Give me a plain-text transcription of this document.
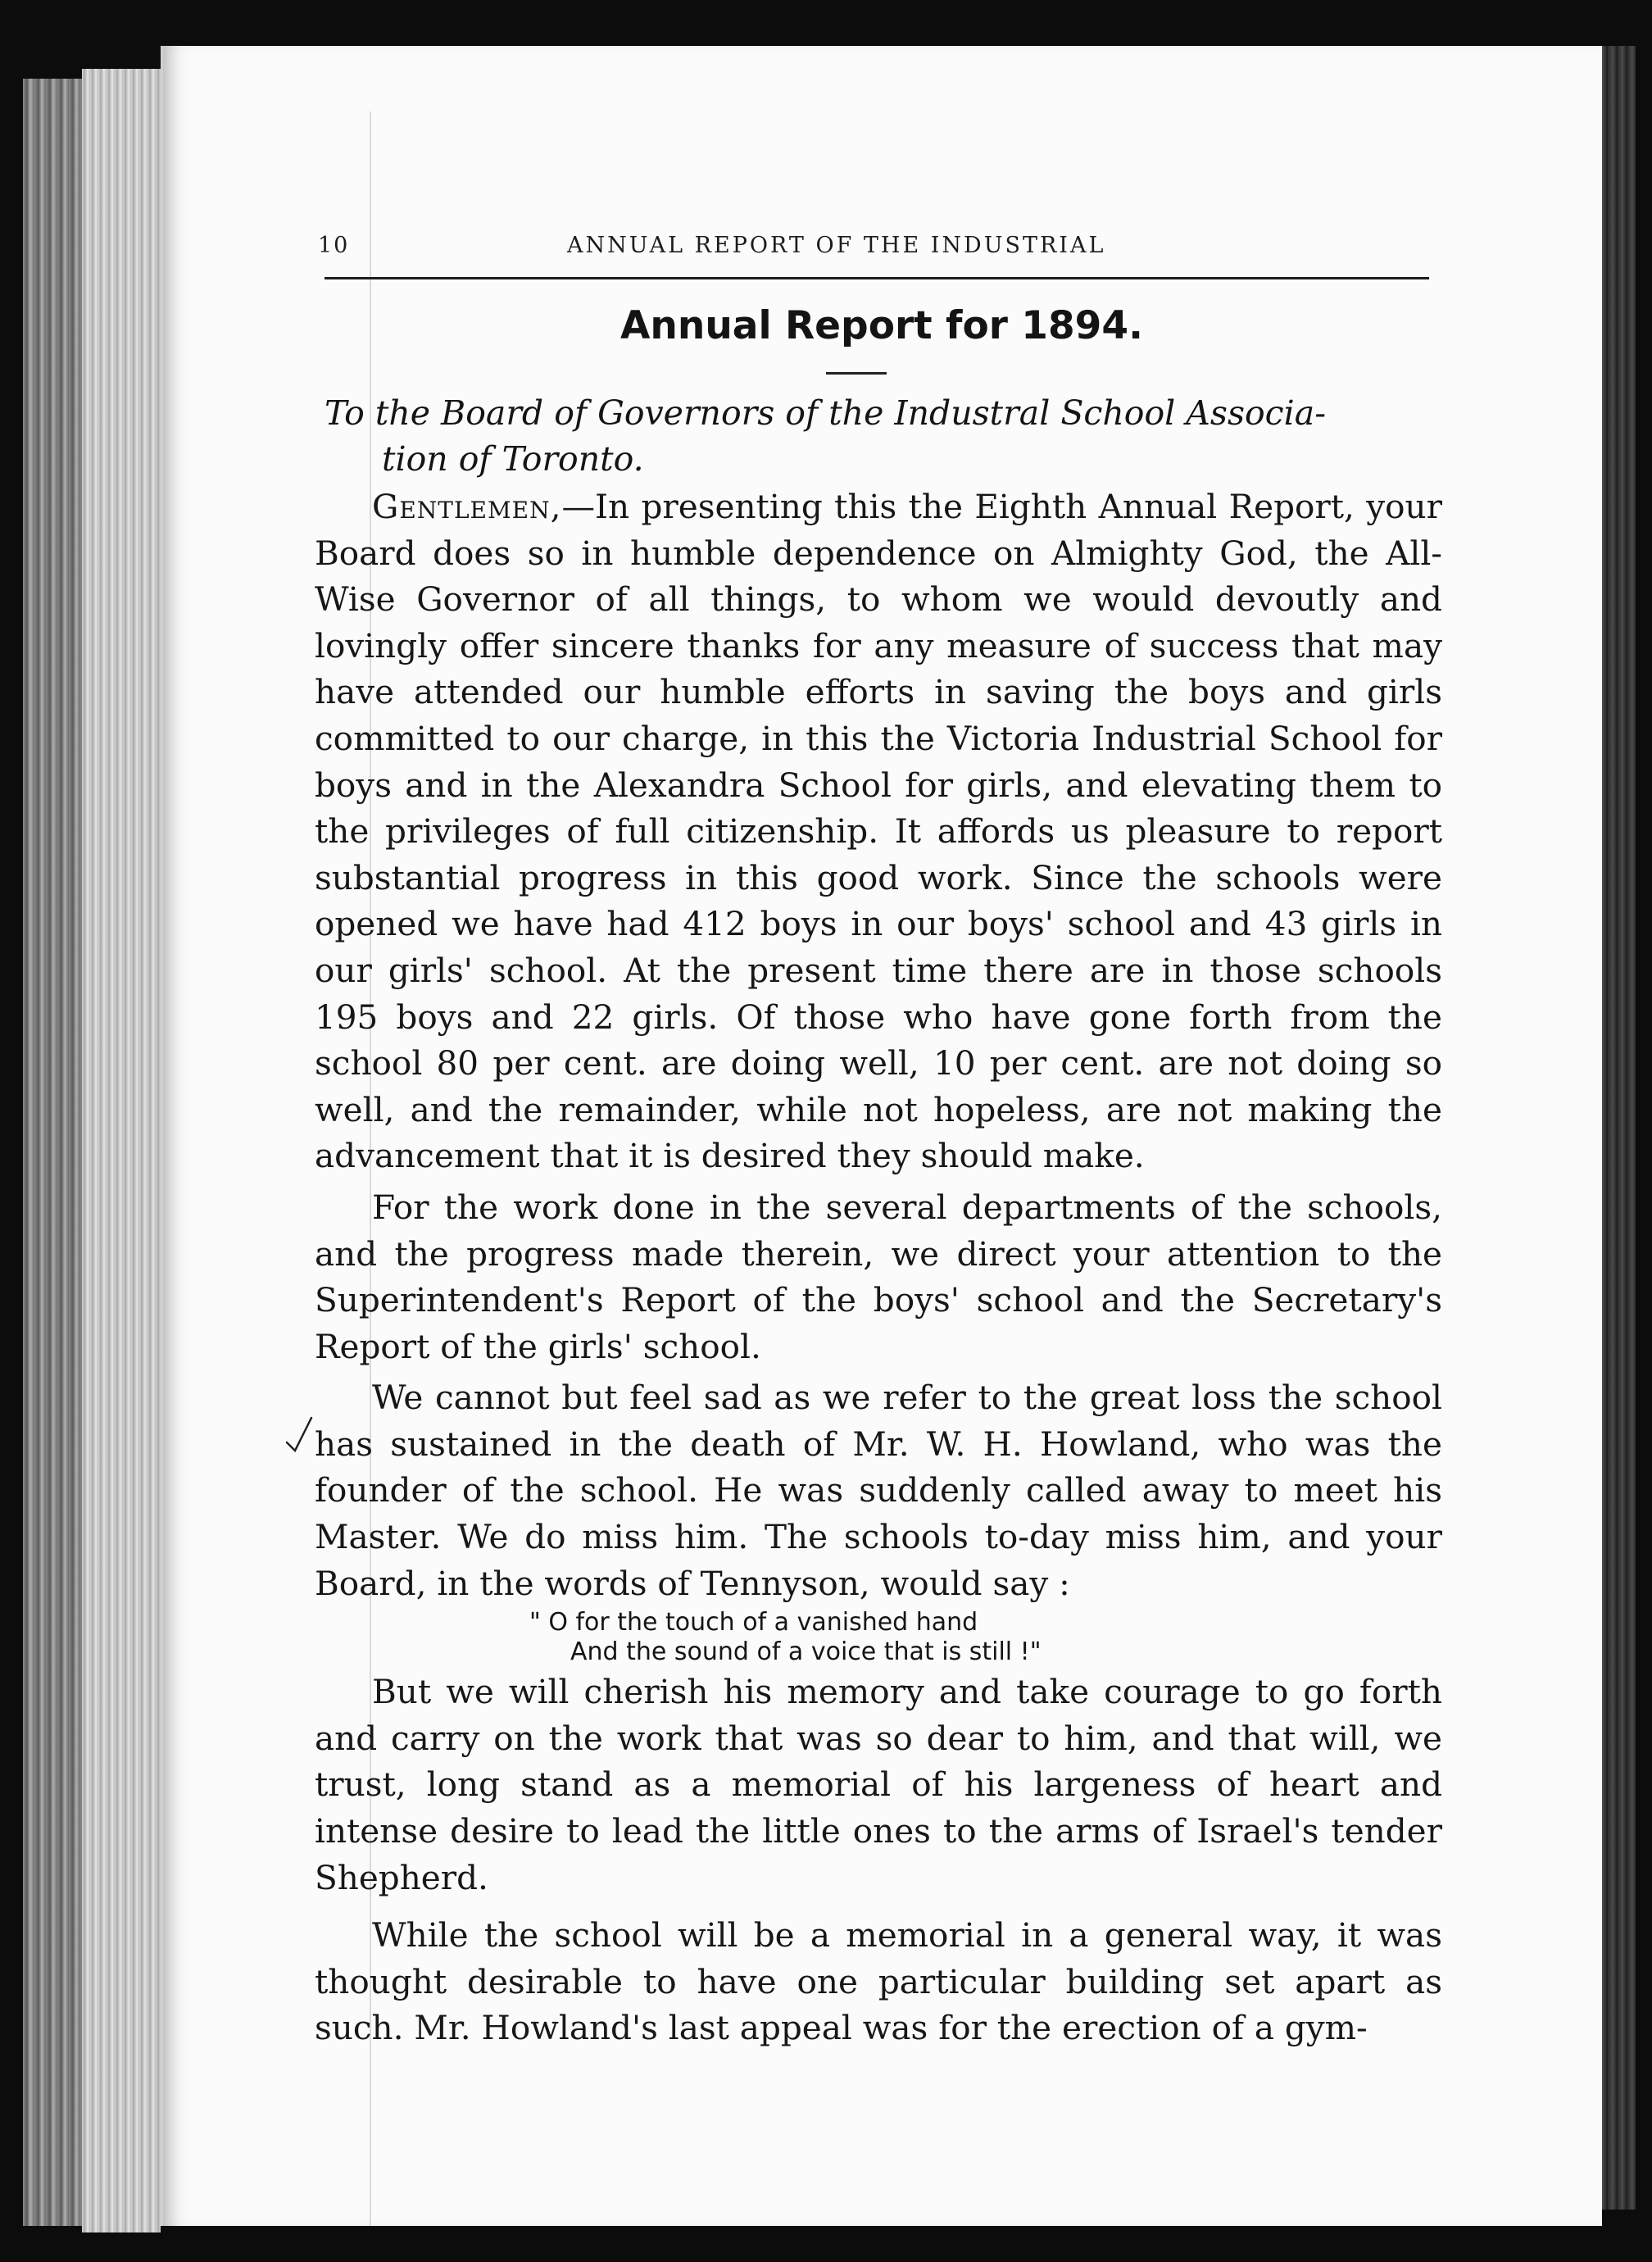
10	ANNUAL REPORT OF THE INDUSTRIAL
Annual Report for 1894.
To the Board of Governors of the Industral School Associa-
tion of Toronto.

Gentlemen,—In presenting this the Eighth Annual Report, your Board does so in humble dependence on Almighty God, the All-Wise Governor of all things, to whom we would devoutly and lovingly offer sincere thanks for any measure of success that may have attended our humble efforts in saving the boys and girls committed to our charge, in this the Victoria Industrial School for boys and in the Alexandra School for girls, and elevating them to the privileges of full citizenship. It affords us pleasure to report substantial progress in this good work. Since the schools were opened we have had 412 boys in our boys' school and 43 girls in our girls' school. At the present time there are in those schools 195 boys and 22 girls. Of those who have gone forth from the school 80 per cent. are doing well, 10 per cent. are not doing so well, and the remainder, while not hopeless, are not making the advancement that it is desired they should make.

For the work done in the several departments of the schools, and the progress made therein, we direct your attention to the Superintendent's Report of the boys' school and the Secretary's Report of the girls' school.

We cannot but feel sad as we refer to the great loss the school has sustained in the death of Mr. W. H. Howland, who was the founder of the school. He was suddenly called away to meet his Master. We do miss him. The schools to-day miss him, and your Board, in the words of Tennyson, would say :

" O for the touch of a vanished hand
And the sound of a voice that is still !"

But we will cherish his memory and take courage to go forth and carry on the work that was so dear to him, and that will, we trust, long stand as a memorial of his largeness of heart and intense desire to lead the little ones to the arms of Israel's tender Shepherd.

While the school will be a memorial in a general way, it was thought desirable to have one particular building set apart as such. Mr. Howland's last appeal was for the erection of a gym-
